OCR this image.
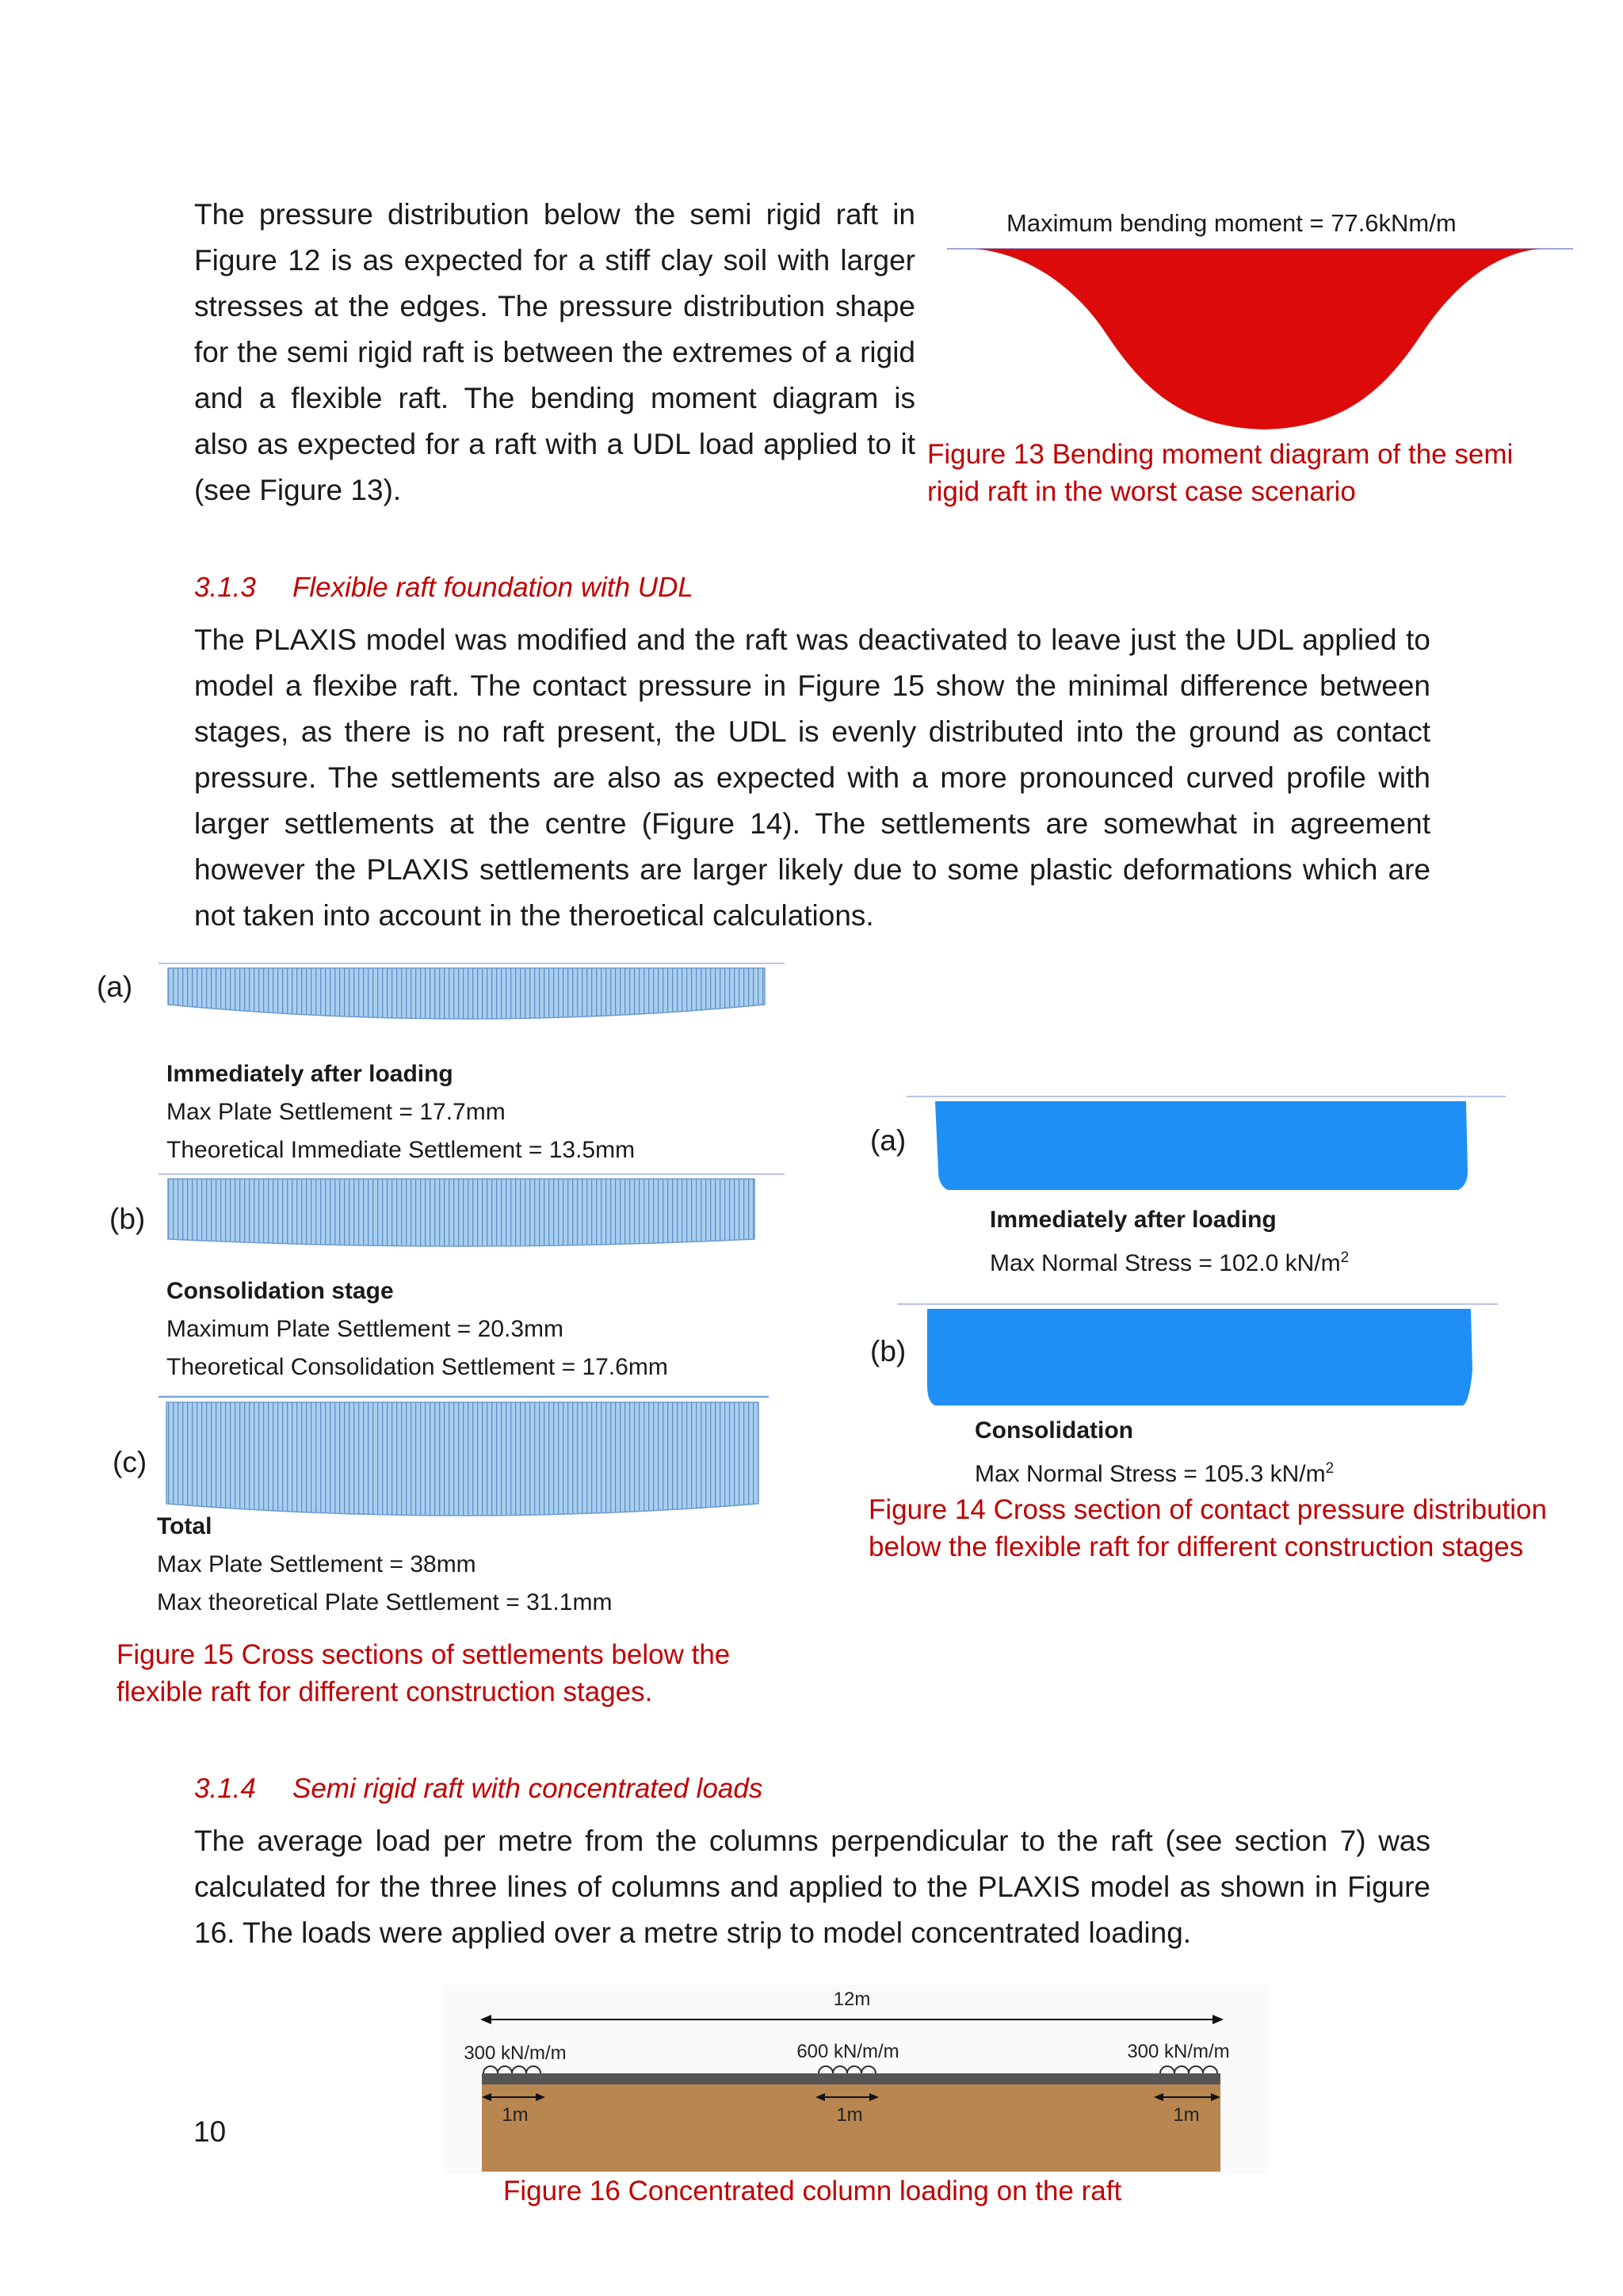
The pressure distribution below the semi rigid raft in Figure 12 is as expected for a stiff clay soil with larger stresses at the edges. The pressure distribution shape for the semi rigid raft is between the extremes of a rigid and a flexible raft. The bending moment diagram is also as expected for a raft with a UDL load applied to it (see Figure 13).

Maximum bending moment = 77.6kNm/m

Figure 13 Bending moment diagram of the semi rigid raft in the worst case scenario

3.1.3 Flexible raft foundation with UDL

The PLAXIS model was modified and the raft was deactivated to leave just the UDL applied to model a flexibe raft. The contact pressure in Figure 15 show the minimal difference between stages, as there is no raft present, the UDL is evenly distributed into the ground as contact pressure. The settlements are also as expected with a more pronounced curved profile with larger settlements at the centre (Figure 14). The settlements are somewhat in agreement however the PLAXIS settlements are larger likely due to some plastic deformations which are not taken into account in the theroetical calculations.

(a)

Immediately after loading

Max Plate Settlement = 17.7mm

Theoretical Immediate Settlement = 13.5mm

(b)

Consolidation stage

Maximum Plate Settlement = 20.3mm

Theoretical Consolidation Settlement = 17.6mm

(c)

Total

Max Plate Settlement = 38mm

Max theoretical Plate Settlement = 31.1mm

Figure 15 Cross sections of settlements below the flexible raft for different construction stages.

(a)

Immediately after loading

Max Normal Stress = 102.0 $kN/m^2$

(b)

Consolidation

Max Normal Stress = 105.3 $kN/m^2$

Figure 14 Cross section of contact pressure distribution below the flexible raft for different construction stages

3.1.4 Semi rigid raft with concentrated loads

The average load per metre from the columns perpendicular to the raft (see section 7) was calculated for the three lines of columns and applied to the PLAXIS model as shown in Figure 16. The loads were applied over a metre strip to model concentrated loading.

12m
300 kN/m/m	600 kN/m/m	300 kN/m/m
1m	1m	1m

Figure 16 Concentrated column loading on the raft

10
